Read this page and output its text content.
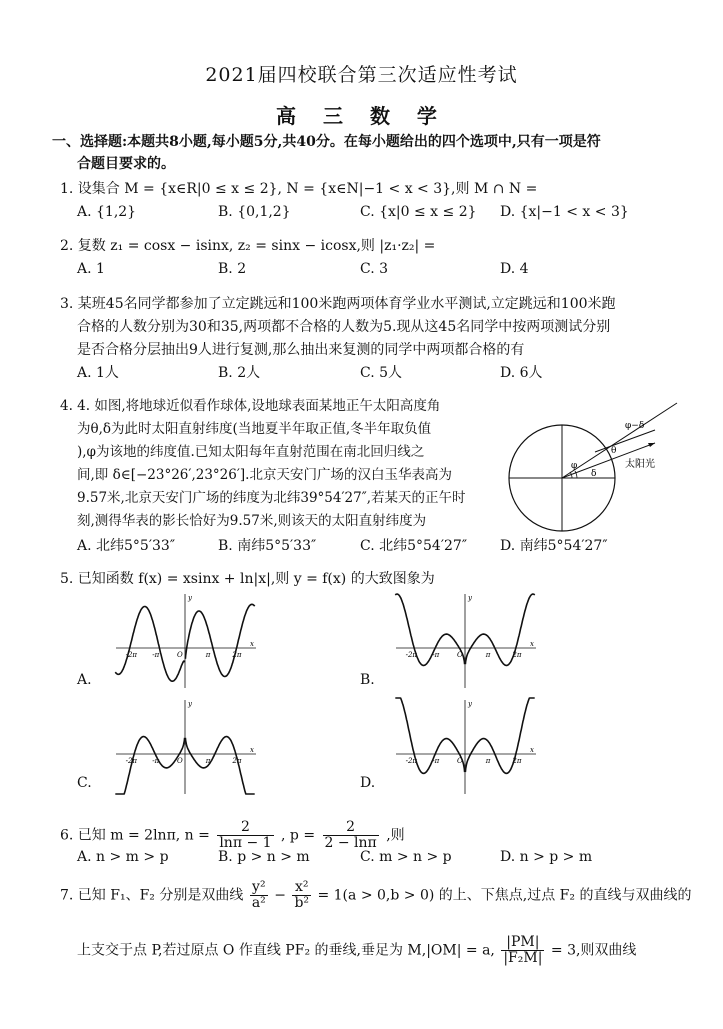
2021届四校联合第三次适应性考试
高 三 数 学
一、选择题:本题共8小题,每小题5分,共40分。在每小题给出的四个选项中,只有一项是符
合题目要求的。
1. 设集合 M = {x∈R|0 ≤ x ≤ 2}, N = {x∈N|−1 < x < 3},则 M ∩ N =
A. {1,2}	B. {0,1,2}	C. {x|0 ≤ x ≤ 2} D. {x|−1 < x < 3}
2. 复数 z₁ = cosx − isinx, z₂ = sinx − icosx,则 |z₁·z₂| =
A. 1	B. 2	C. 3	D. 4
3. 某班45名同学都参加了立定跳远和100米跑两项体育学业水平测试,立定跳远和100米跑
合格的人数分别为30和35,两项都不合格的人数为5.现从这45名同学中按两项测试分别
是否合格分层抽出9人进行复测,那么抽出来复测的同学中两项都合格的有
A. 1人	B. 2人	C. 5人	D. 6人
4. 4. 如图,将地球近似看作球体,设地球表面某地正午太阳高度角
为θ,δ为此时太阳直射纬度(当地夏半年取正值,冬半年取负值
),φ为该地的纬度值.已知太阳每年直射范围在南北回归线之
间,即 δ∈[−23°26′,23°26′].北京天安门广场的汉白玉华表高为
9.57米,北京天安门广场的纬度为北纬39°54′27″,若某天的正午时
刻,测得华表的影长恰好为9.57米,则该天的太阳直射纬度为
A. 北纬5°5′33″	B. 南纬5°5′33″	C. 北纬5°54′27″ D. 南纬5°54′27″
φ−δ
θ
φ
δ
太阳光
5. 已知函数 f(x) = xsinx + ln|x|,则 y = f(x) 的大致图象为
A.	B.
C.	D.
x
y
O
-2π -π	π	2π
x
y
O
-2π -π	π	2π
x
y
O
-2π -π	π	2π
x
y
O
-2π -π	π	2π
6. 已知 m = 2lnπ, $n = \frac{2}{\ln\pi - 1}$ , $p = \frac{2}{2 - \ln\pi}$ ,则
A. n > m > p	B. p > n > m	C. m > n > p	D. n > p > m
7. 已知 F₁、F₂ 分别是双曲线 $\frac{\text{y²}}{\text{a²}} - \frac{\text{x²}}{\text{b²}} = 1(a > 0,b > 0)$ 的上、下焦点,过点 F₂ 的直线与双曲线的
上支交于点 P,若过原点 O 作直线 PF₂ 的垂线,垂足为 M,|OM| = a, $\frac{|PM|}{\text{|F₂M|}} = 3$,则双曲线
